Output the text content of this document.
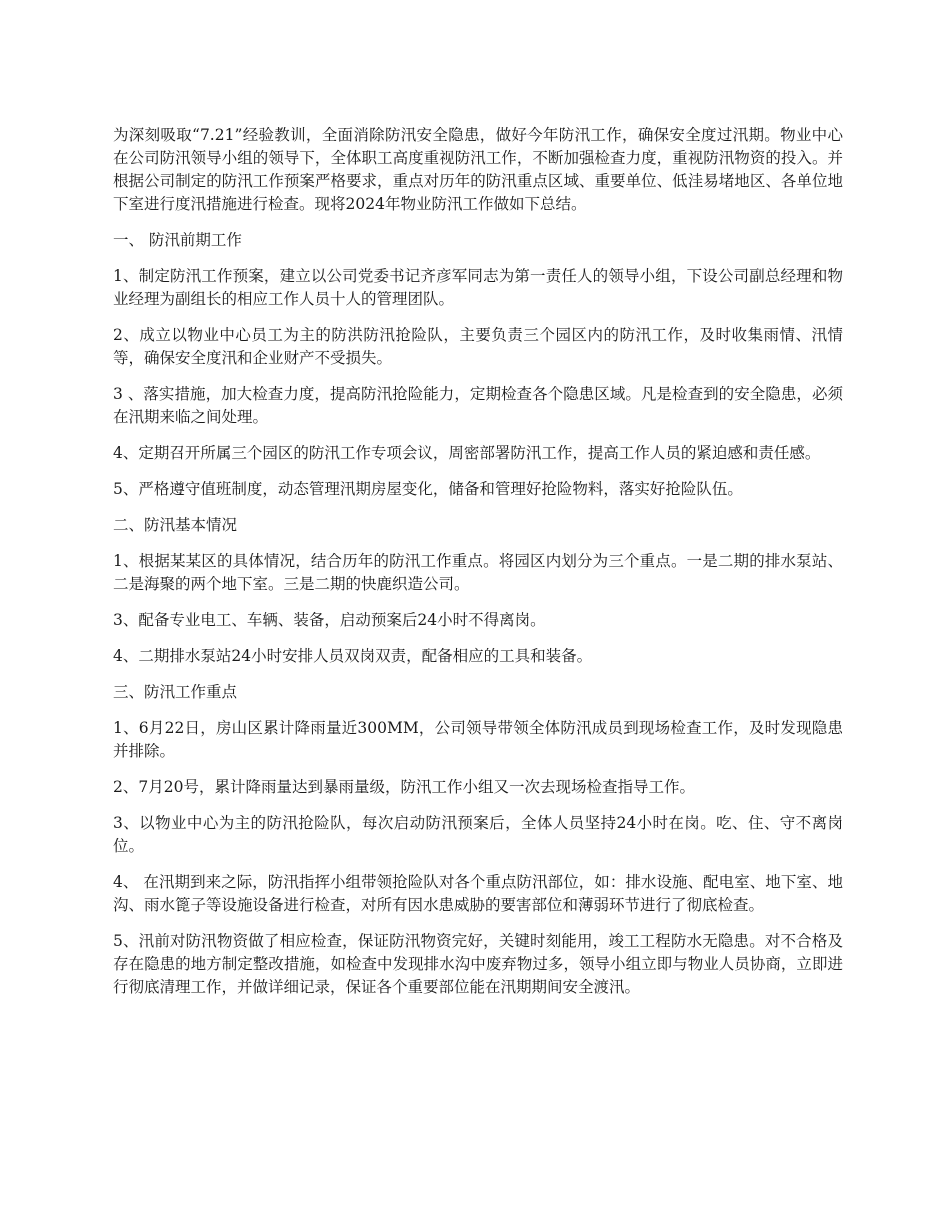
为深刻吸取“7.21”经验教训，全面消除防汛安全隐患，做好今年防汛工作，确保安全度过汛期。物业中心在公司防汛领导小组的领导下，全体职工高度重视防汛工作，不断加强检查力度，重视防汛物资的投入。并根据公司制定的防汛工作预案严格要求，重点对历年的防汛重点区域、重要单位、低洼易堵地区、各单位地下室进行度汛措施进行检查。现将2024年物业防汛工作做如下总结。

一、 防汛前期工作

1、制定防汛工作预案，建立以公司党委书记齐彦军同志为第一责任人的领导小组，下设公司副总经理和物业经理为副组长的相应工作人员十人的管理团队。

2、成立以物业中心员工为主的防洪防汛抢险队，主要负责三个园区内的防汛工作，及时收集雨情、汛情等，确保安全度汛和企业财产不受损失。

3 、落实措施，加大检查力度，提高防汛抢险能力，定期检查各个隐患区域。凡是检查到的安全隐患，必须在汛期来临之间处理。

4、定期召开所属三个园区的防汛工作专项会议，周密部署防汛工作，提高工作人员的紧迫感和责任感。

5、严格遵守值班制度，动态管理汛期房屋变化，储备和管理好抢险物料，落实好抢险队伍。

二、防汛基本情况

1、根据某某区的具体情况，结合历年的防汛工作重点。将园区内划分为三个重点。一是二期的排水泵站、二是海聚的两个地下室。三是二期的快鹿织造公司。

3、配备专业电工、车辆、装备，启动预案后24小时不得离岗。

4、二期排水泵站24小时安排人员双岗双责，配备相应的工具和装备。

三、防汛工作重点

1、6月22日，房山区累计降雨量近300MM，公司领导带领全体防汛成员到现场检查工作，及时发现隐患并排除。

2、7月20号，累计降雨量达到暴雨量级，防汛工作小组又一次去现场检查指导工作。

3、以物业中心为主的防汛抢险队，每次启动防汛预案后，全体人员坚持24小时在岗。吃、住、守不离岗位。

4、 在汛期到来之际，防汛指挥小组带领抢险队对各个重点防汛部位，如：排水设施、配电室、地下室、地沟、雨水篦子等设施设备进行检查，对所有因水患威胁的要害部位和薄弱环节进行了彻底检查。

5、汛前对防汛物资做了相应检查，保证防汛物资完好，关键时刻能用，竣工工程防水无隐患。对不合格及存在隐患的地方制定整改措施，如检查中发现排水沟中废弃物过多，领导小组立即与物业人员协商，立即进行彻底清理工作，并做详细记录，保证各个重要部位能在汛期期间安全渡汛。
